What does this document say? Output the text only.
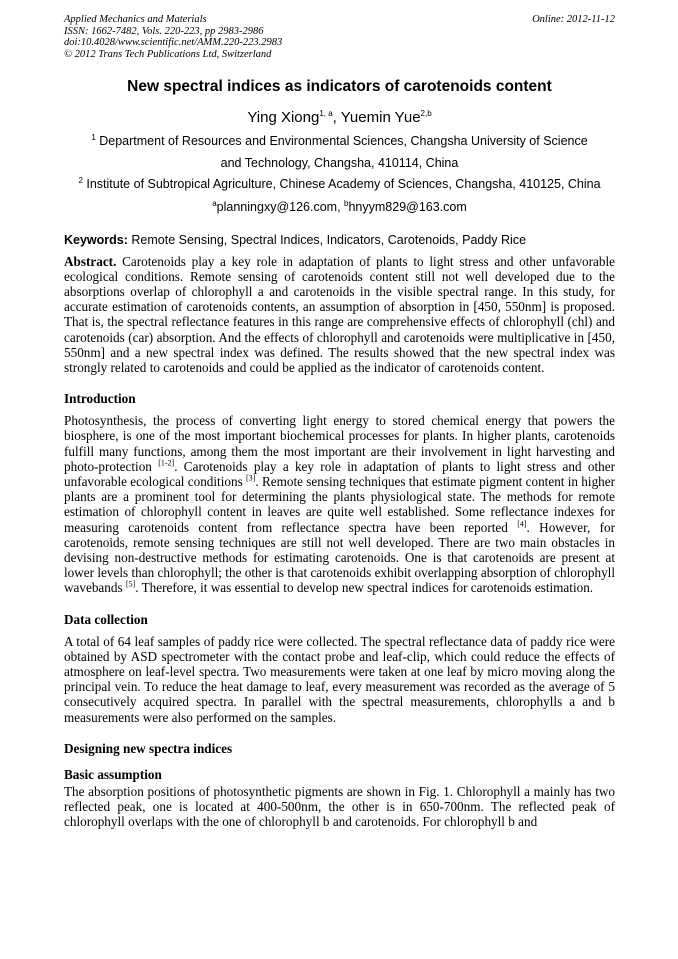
Applied Mechanics and Materials
ISSN: 1662-7482, Vols. 220-223, pp 2983-2986
doi:10.4028/www.scientific.net/AMM.220-223.2983
© 2012 Trans Tech Publications Ltd, Switzerland
Online: 2012-11-12
New spectral indices as indicators of carotenoids content
Ying Xiong$^{1, a}$, Yuemin Yue$^{2,b}$
$^1$ Department of Resources and Environmental Sciences, Changsha University of Science
and Technology, Changsha, 410114, China
$^2$ Institute of Subtropical Agriculture, Chinese Academy of Sciences, Changsha, 410125, China
$^a$planningxy@126.com, $^b$hnyym829@163.com
Keywords: Remote Sensing, Spectral Indices, Indicators, Carotenoids, Paddy Rice

Abstract. Carotenoids play a key role in adaptation of plants to light stress and other unfavorable ecological conditions. Remote sensing of carotenoids content still not well developed due to the absorptions overlap of chlorophyll a and carotenoids in the visible spectral range. In this study, for accurate estimation of carotenoids contents, an assumption of absorption in [450, 550nm] is proposed. That is, the spectral reflectance features in this range are comprehensive effects of chlorophyll (chl) and carotenoids (car) absorption. And the effects of chlorophyll and carotenoids were multiplicative in [450, 550nm] and a new spectral index was defined. The results showed that the new spectral index was strongly related to carotenoids and could be applied as the indicator of carotenoids content.

Introduction

Photosynthesis, the process of converting light energy to stored chemical energy that powers the biosphere, is one of the most important biochemical processes for plants. In higher plants, carotenoids fulfill many functions, among them the most important are their involvement in light harvesting and photo-protection [1-2]. Carotenoids play a key role in adaptation of plants to light stress and other unfavorable ecological conditions [3]. Remote sensing techniques that estimate pigment content in higher plants are a prominent tool for determining the plants physiological state. The methods for remote estimation of chlorophyll content in leaves are quite well established. Some reflectance indexes for measuring carotenoids content from reflectance spectra have been reported [4]. However, for carotenoids, remote sensing techniques are still not well developed. There are two main obstacles in devising non-destructive methods for estimating carotenoids. One is that carotenoids are present at lower levels than chlorophyll; the other is that carotenoids exhibit overlapping absorption of chlorophyll wavebands [5]. Therefore, it was essential to develop new spectral indices for carotenoids estimation.

Data collection

A total of 64 leaf samples of paddy rice were collected. The spectral reflectance data of paddy rice were obtained by ASD spectrometer with the contact probe and leaf-clip, which could reduce the effects of atmosphere on leaf-level spectra. Two measurements were taken at one leaf by micro moving along the principal vein. To reduce the heat damage to leaf, every measurement was recorded as the average of 5 consecutively acquired spectra. In parallel with the spectral measurements, chlorophylls a and b measurements were also performed on the samples.

Designing new spectra indices
Basic assumption

The absorption positions of photosynthetic pigments are shown in Fig. 1. Chlorophyll a mainly has two reflected peak, one is located at 400-500nm, the other is in 650-700nm. The reflected peak of chlorophyll overlaps with the one of chlorophyll b and carotenoids. For chlorophyll b and
